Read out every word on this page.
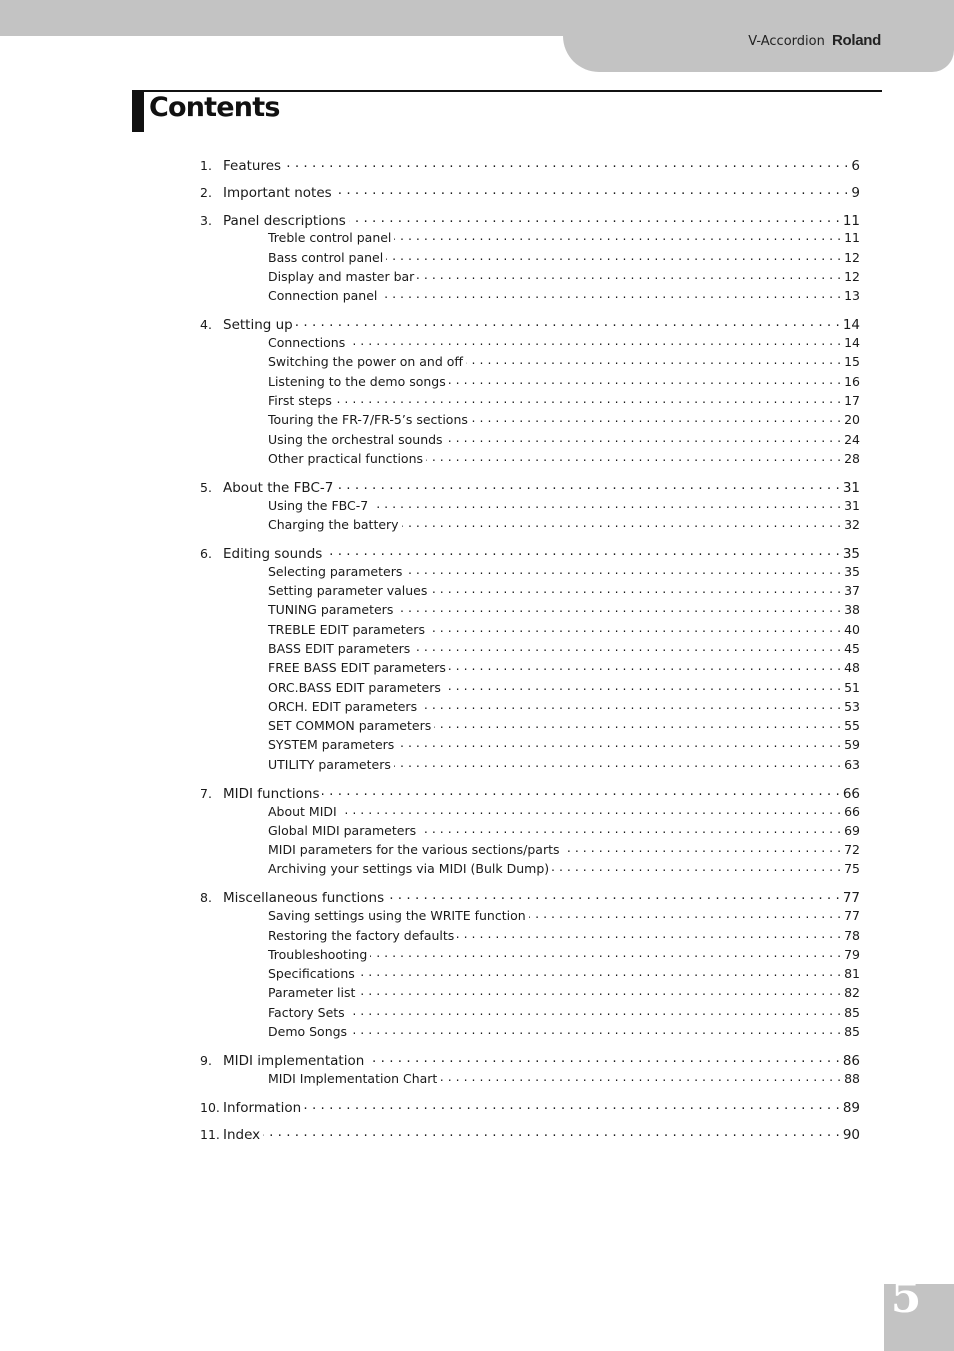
V-Accordion Roland
Contents
1. Features . . .	6
2. Important notes . . .	9
3. Panel descriptions . . .	11
Treble control panel . . .	11
Bass control panel . . .	12
Display and master bar . . .	12
Connection panel . . .	13
4. Setting up . . .	14
Connections . . .	14
Switching the power on and off . . .	15
Listening to the demo songs . . .	16
First steps . . .	17
Touring the FR-7/FR-5’s sections . . .	20
Using the orchestral sounds . . .	24
Other practical functions . . .	28
5. About the FBC-7 . . .	31
Using the FBC-7 . . .	31
Charging the battery . . .	32
6. Editing sounds . . .	35
Selecting parameters . . .	35
Setting parameter values . . .	37
TUNING parameters . . .	38
TREBLE EDIT parameters . . .	40
BASS EDIT parameters . . .	45
FREE BASS EDIT parameters . . .	48
ORC.BASS EDIT parameters . . .	51
ORCH. EDIT parameters . . .	53
SET COMMON parameters . . .	55
SYSTEM parameters . . .	59
UTILITY parameters . . .	63
7. MIDI functions . . .	66
About MIDI . . .	66
Global MIDI parameters . . .	69
MIDI parameters for the various sections/parts . . .	72
Archiving your settings via MIDI (Bulk Dump) . . .	75
8. Miscellaneous functions . . .	77
Saving settings using the WRITE function . . .	77
Restoring the factory defaults . . .	78
Troubleshooting . . .	79
Specifications . . .	81
Parameter list . . .	82
Factory Sets . . .	85
Demo Songs . . .	85
9. MIDI implementation . . .	86
MIDI Implementation Chart . . .	88
10. Information . . .	89
11. Index . . .	90
5
